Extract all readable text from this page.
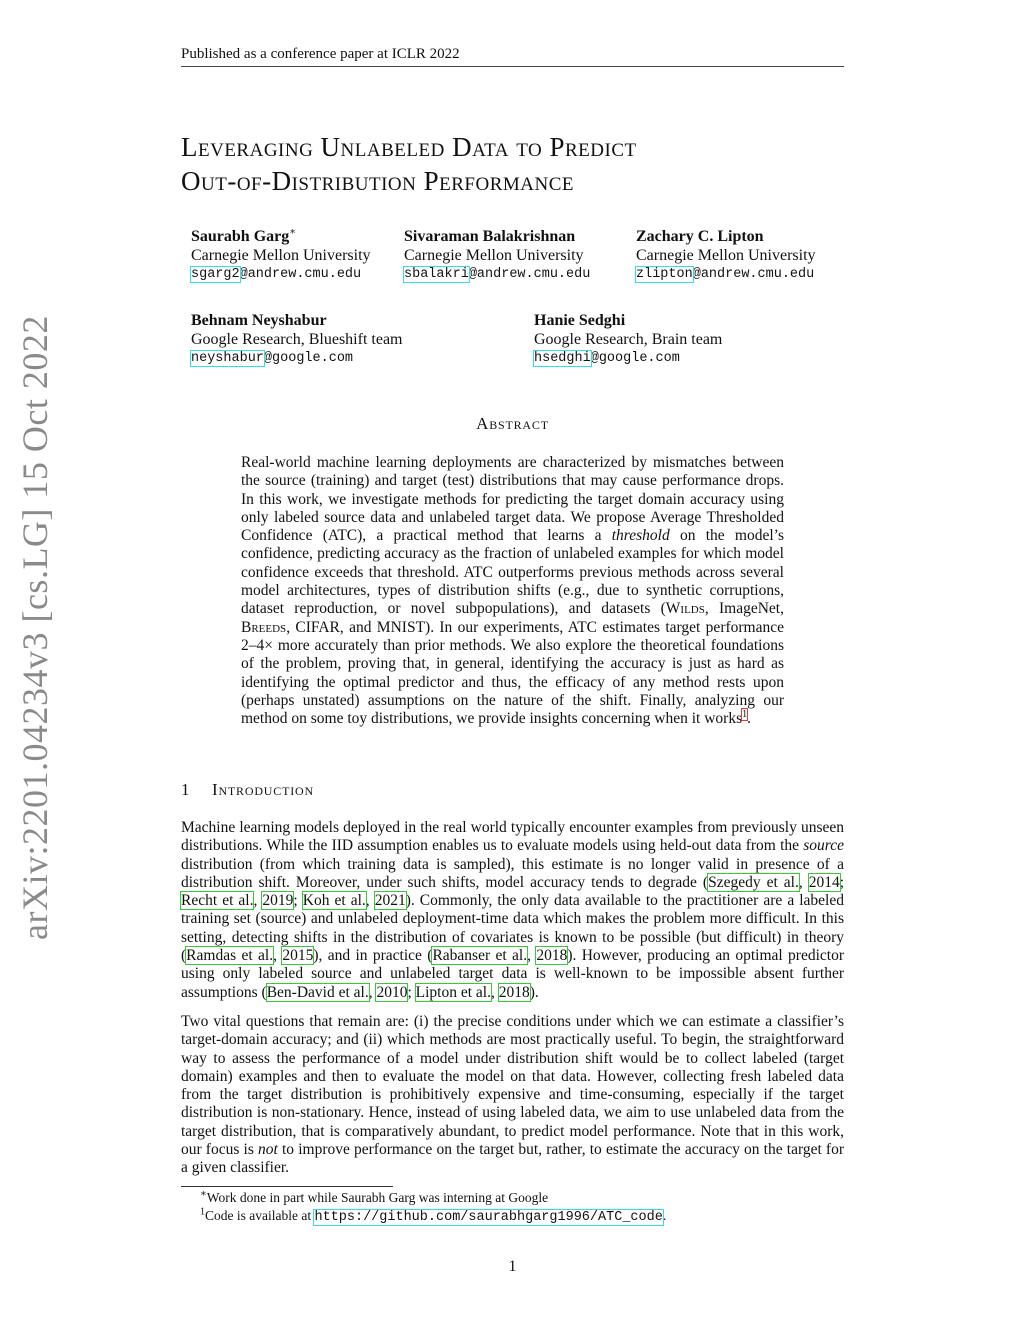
Published as a conference paper at ICLR 2022
arXiv:2201.04234v3 [cs.LG] 15 Oct 2022
Leveraging Unlabeled Data to Predict
Out-of-Distribution Performance
Saurabh Garg∗
Carnegie Mellon University
sgarg2@andrew.cmu.edu
Sivaraman Balakrishnan
Carnegie Mellon University
sbalakri@andrew.cmu.edu
Zachary C. Lipton
Carnegie Mellon University
zlipton@andrew.cmu.edu
Behnam Neyshabur
Google Research, Blueshift team
neyshabur@google.com
Hanie Sedghi
Google Research, Brain team
hsedghi@google.com
Abstract
Real-world machine learning deployments are characterized by mismatches between the source (training) and target (test) distributions that may cause performance drops. In this work, we investigate methods for predicting the target domain accuracy using only labeled source data and unlabeled target data. We propose Average Thresholded Confidence (ATC), a practical method that learns a threshold on the model’s confidence, predicting accuracy as the fraction of unlabeled examples for which model confidence exceeds that threshold. ATC outperforms previous methods across several model architectures, types of distribution shifts (e.g., due to synthetic corruptions, dataset reproduction, or novel subpopulations), and datasets (Wilds, ImageNet, Breeds, CIFAR, and MNIST). In our experiments, ATC estimates target performance 2–4× more accurately than prior methods. We also explore the theoretical foundations of the problem, proving that, in general, identifying the accuracy is just as hard as identifying the optimal predictor and thus, the efficacy of any method rests upon (perhaps unstated) assumptions on the nature of the shift. Finally, analyzing our method on some toy distributions, we provide insights concerning when it works$^1$.
1 Introduction
Machine learning models deployed in the real world typically encounter examples from previously unseen distributions. While the IID assumption enables us to evaluate models using held-out data from the source distribution (from which training data is sampled), this estimate is no longer valid in presence of a distribution shift. Moreover, under such shifts, model accuracy tends to degrade (Szegedy et al., 2014; Recht et al., 2019; Koh et al., 2021). Commonly, the only data available to the practitioner are a labeled training set (source) and unlabeled deployment-time data which makes the problem more difficult. In this setting, detecting shifts in the distribution of covariates is known to be possible (but difficult) in theory (Ramdas et al., 2015), and in practice (Rabanser et al., 2018). However, producing an optimal predictor using only labeled source and unlabeled target data is well-known to be impossible absent further assumptions (Ben-David et al., 2010; Lipton et al., 2018).
Two vital questions that remain are: (i) the precise conditions under which we can estimate a classifier’s target-domain accuracy; and (ii) which methods are most practically useful. To begin, the straightforward way to assess the performance of a model under distribution shift would be to collect labeled (target domain) examples and then to evaluate the model on that data. However, collecting fresh labeled data from the target distribution is prohibitively expensive and time-consuming, especially if the target distribution is non-stationary. Hence, instead of using labeled data, we aim to use unlabeled data from the target distribution, that is comparatively abundant, to predict model performance. Note that in this work, our focus is not to improve performance on the target but, rather, to estimate the accuracy on the target for a given classifier.
∗Work done in part while Saurabh Garg was interning at Google
$^1$Code is available at https://github.com/saurabhgarg1996/ATC_code.
1
